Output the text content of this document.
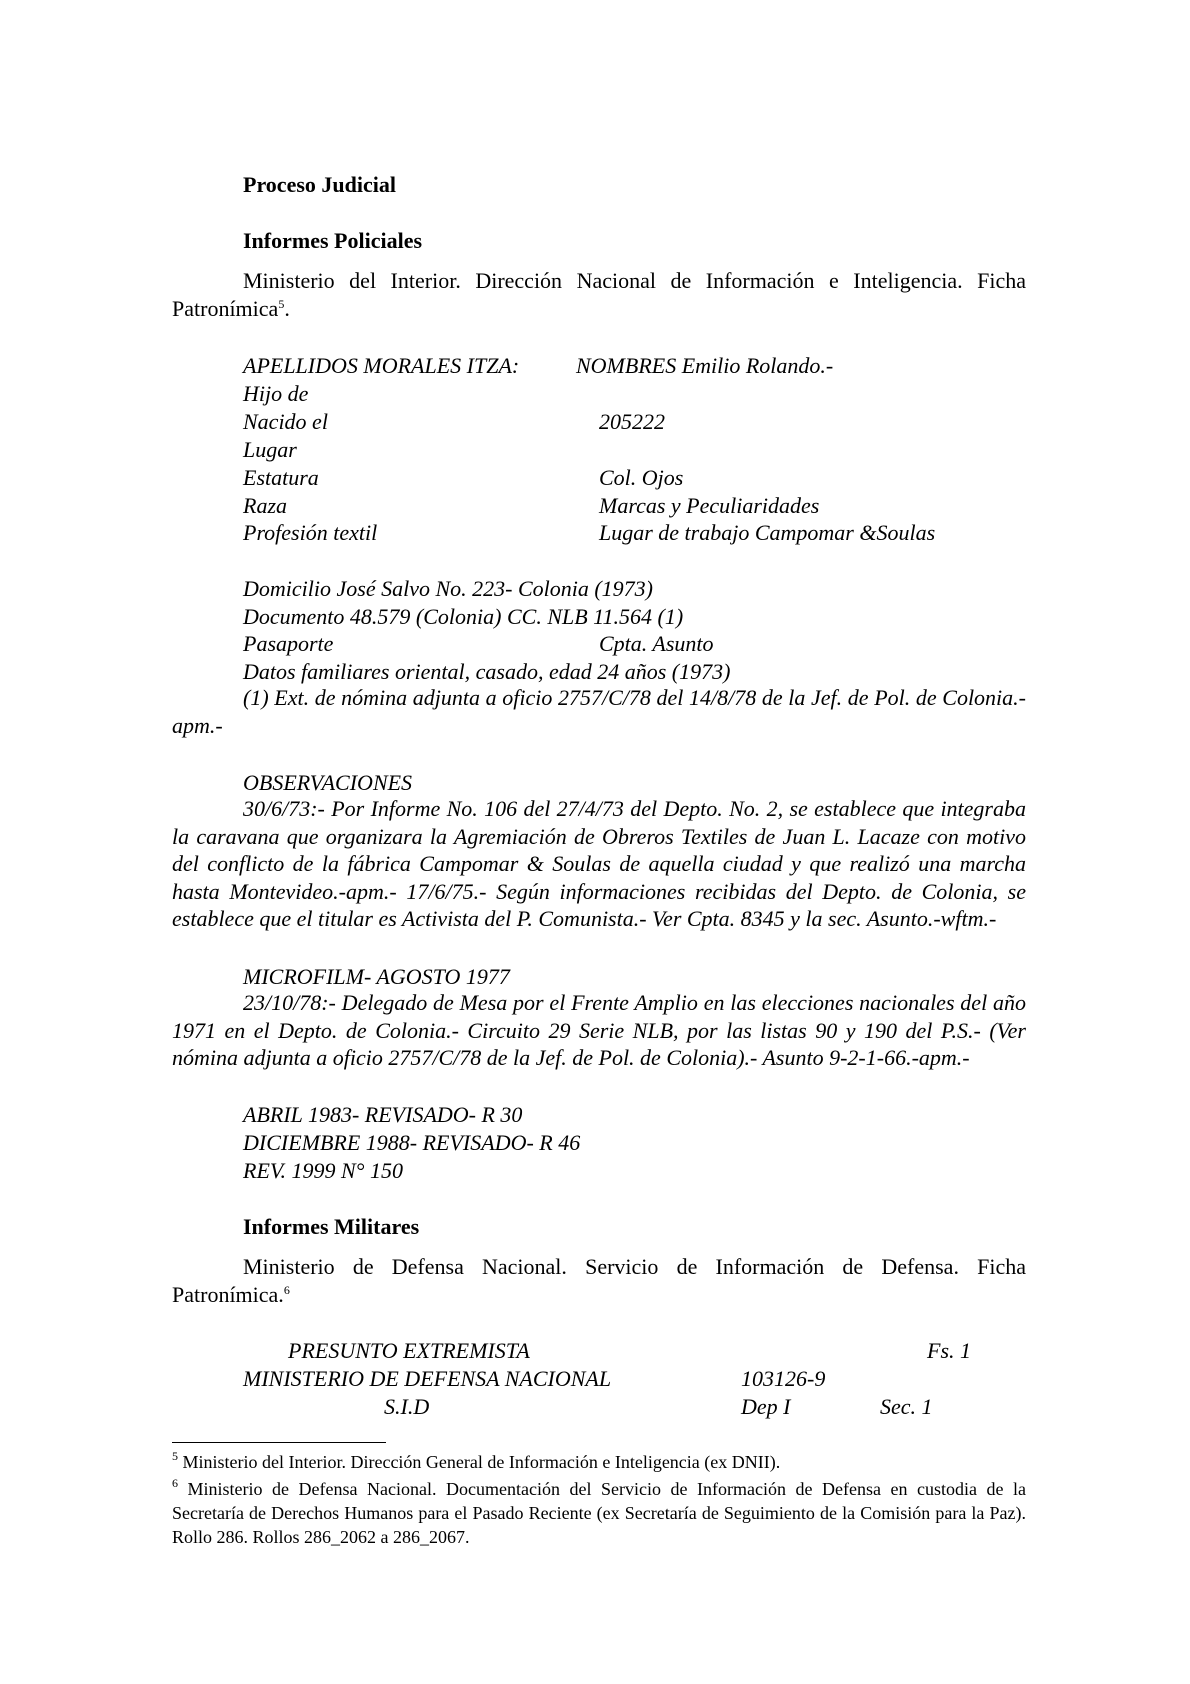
Proceso Judicial
Informes Policiales

Ministerio del Interior. Dirección Nacional de Información e Inteligencia. Ficha Patronímica$^5$.

APELLIDOS MORALES ITZA:	NOMBRES Emilio Rolando.-
Hijo de
Nacido el	205222
Lugar
Estatura	Col. Ojos
Raza	Marcas y Peculiaridades
Profesión textil	Lugar de trabajo Campomar &Soulas
Domicilio José Salvo No. 223- Colonia (1973)
Documento 48.579 (Colonia) CC. NLB 11.564 (1)
Pasaporte	Cpta. Asunto
Datos familiares oriental, casado, edad 24 años (1973)

(1) Ext. de nómina adjunta a oficio 2757/C/78 del 14/8/78 de la Jef. de Pol. de Colonia.-apm.-

OBSERVACIONES

30/6/73:- Por Informe No. 106 del 27/4/73 del Depto. No. 2, se establece que integraba la caravana que organizara la Agremiación de Obreros Textiles de Juan L. Lacaze con motivo del conflicto de la fábrica Campomar & Soulas de aquella ciudad y que realizó una marcha hasta Montevideo.-apm.- 17/6/75.- Según informaciones recibidas del Depto. de Colonia, se establece que el titular es Activista del P. Comunista.- Ver Cpta. 8345 y la sec. Asunto.-wftm.-

MICROFILM- AGOSTO 1977

23/10/78:- Delegado de Mesa por el Frente Amplio en las elecciones nacionales del año 1971 en el Depto. de Colonia.- Circuito 29 Serie NLB, por las listas 90 y 190 del P.S.- (Ver nómina adjunta a oficio 2757/C/78 de la Jef. de Pol. de Colonia).- Asunto 9-2-1-66.-apm.-

ABRIL 1983- REVISADO- R 30
DICIEMBRE 1988- REVISADO- R 46
REV. 1999 N° 150
Informes Militares

Ministerio de Defensa Nacional. Servicio de Información de Defensa. Ficha Patronímica.$^6$

PRESUNTO EXTREMISTA	Fs. 1
MINISTERIO DE DEFENSA NACIONAL	103126-9
S.I.D	Dep I	Sec. 1

$^5$ Ministerio del Interior. Dirección General de Información e Inteligencia (ex DNII).

$^6$ Ministerio de Defensa Nacional. Documentación del Servicio de Información de Defensa en custodia de la Secretaría de Derechos Humanos para el Pasado Reciente (ex Secretaría de Seguimiento de la Comisión para la Paz). Rollo 286. Rollos 286_2062 a 286_2067.
